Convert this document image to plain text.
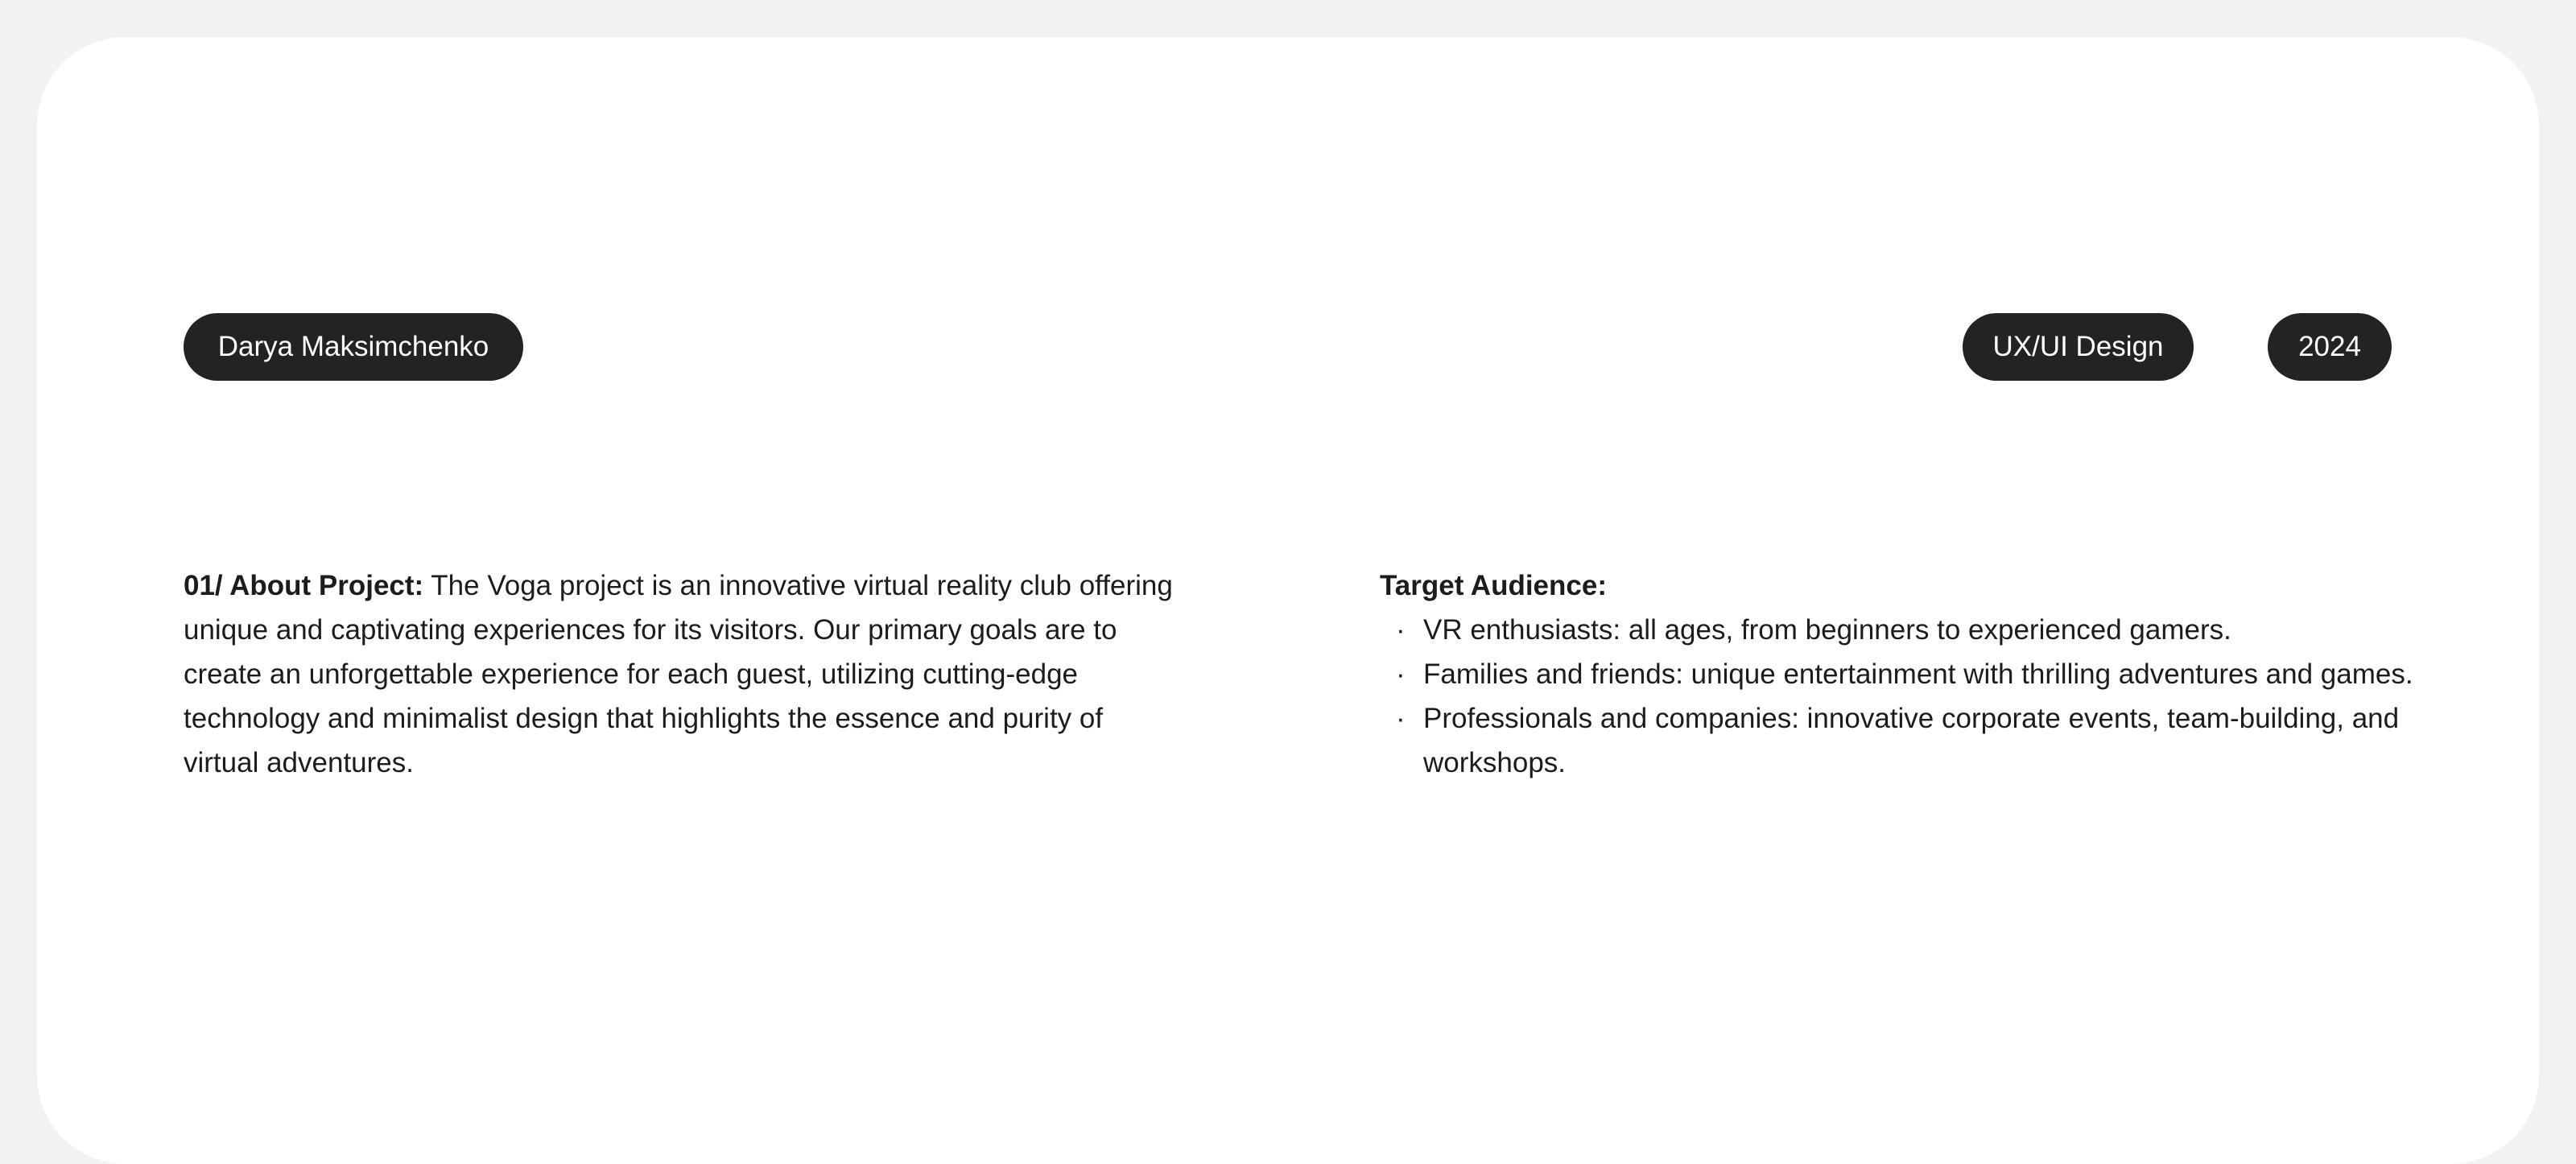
Darya Maksimchenko	UX/UI Design	2024
01/ About Project: The Voga project is an innovative virtual reality club offering unique and captivating experiences for its visitors. Our primary goals are to create an unforgettable experience for each guest, utilizing cutting-edge technology and minimalist design that highlights the essence and purity of virtual adventures.
Target Audience:
· VR enthusiasts: all ages, from beginners to experienced gamers.
· Families and friends: unique entertainment with thrilling adventures and games.
· Professionals and companies: innovative corporate events, team-building, and workshops.
